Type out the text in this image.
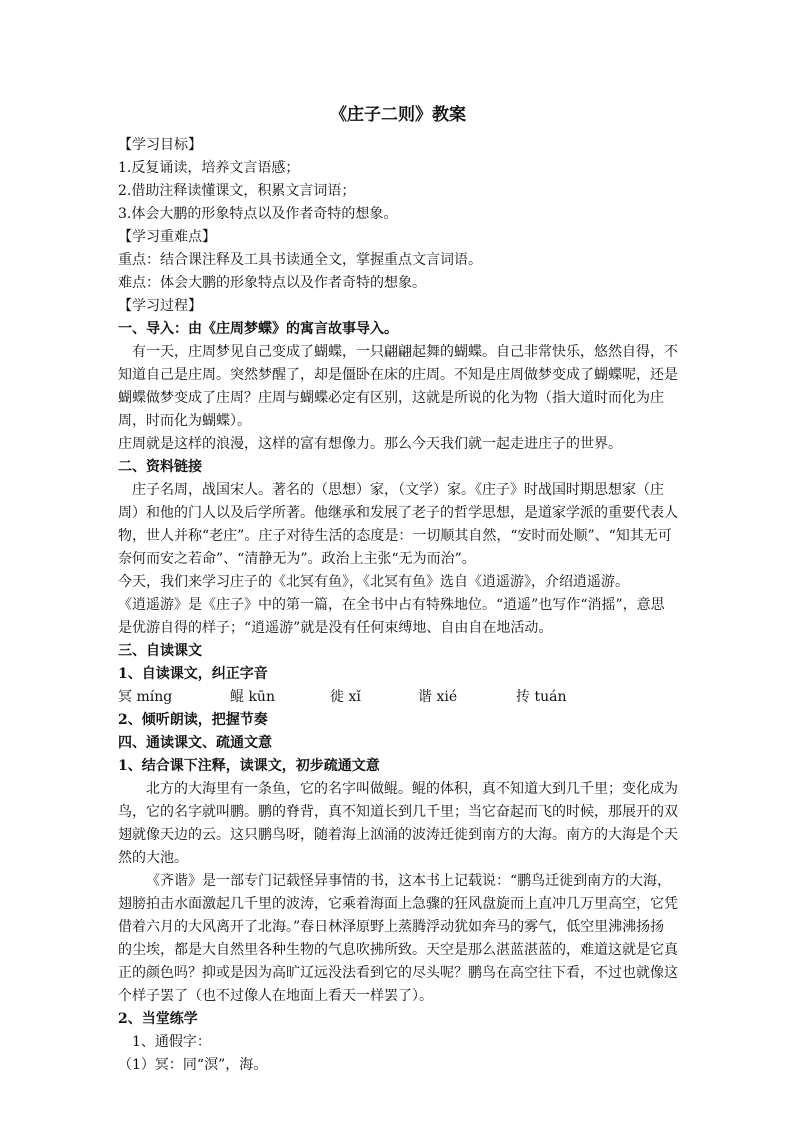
《庄子二则》教案

【学习目标】

1.反复诵读，培养文言语感；

2.借助注释读懂课文，积累文言词语；

3.体会大鹏的形象特点以及作者奇特的想象。

【学习重难点】

重点：结合课注释及工具书读通全文，掌握重点文言词语。

难点：体会大鹏的形象特点以及作者奇特的想象。

【学习过程】

一、导入：由《庄周梦蝶》的寓言故事导入。

有一天，庄周梦见自己变成了蝴蝶，一只翩翩起舞的蝴蝶。自己非常快乐，悠然自得，不知道自己是庄周。突然梦醒了，却是僵卧在床的庄周。不知是庄周做梦变成了蝴蝶呢，还是蝴蝶做梦变成了庄周？庄周与蝴蝶必定有区别，这就是所说的化为物（指大道时而化为庄周，时而化为蝴蝶）。

庄周就是这样的浪漫，这样的富有想像力。那么今天我们就一起走进庄子的世界。

二、资料链接

庄子名周，战国宋人。著名的（思想）家，（文学）家。《庄子》时战国时期思想家（庄周）和他的门人以及后学所著。他继承和发展了老子的哲学思想，是道家学派的重要代表人物，世人并称“老庄”。庄子对待生活的态度是：一切顺其自然，“安时而处顺”、“知其无可奈何而安之若命”、“清静无为”。政治上主张“无为而治”。

今天，我们来学习庄子的《北冥有鱼》，《北冥有鱼》选自《逍遥游》，介绍逍遥游。

《逍遥游》是《庄子》中的第一篇，在全书中占有特殊地位。“逍遥”也写作“消摇”，意思是优游自得的样子；“逍遥游”就是没有任何束缚地、自由自在地活动。

三、自读课文

1、自读课文，纠正字音

冥 míng	鲲 kūn	徙 xǐ	谐 xié	抟 tuán

2、倾听朗读，把握节奏

四、通读课文、疏通文意

1、结合课下注释，读课文，初步疏通文意

北方的大海里有一条鱼，它的名字叫做鲲。鲲的体积，真不知道大到几千里；变化成为鸟，它的名字就叫鹏。鹏的脊背，真不知道长到几千里；当它奋起而飞的时候，那展开的双翅就像天边的云。这只鹏鸟呀，随着海上汹涌的波涛迁徙到南方的大海。南方的大海是个天然的大池。

《齐谐》是一部专门记载怪异事情的书，这本书上记载说：“鹏鸟迁徙到南方的大海，翅膀拍击水面激起几千里的波涛，它乘着海面上急骤的狂风盘旋而上直冲几万里高空，它凭借着六月的大风离开了北海。”春日林泽原野上蒸腾浮动犹如奔马的雾气，低空里沸沸扬扬的尘埃，都是大自然里各种生物的气息吹拂所致。天空是那么湛蓝湛蓝的，难道这就是它真正的颜色吗？抑或是因为高旷辽远没法看到它的尽头呢？鹏鸟在高空往下看，不过也就像这个样子罢了（也不过像人在地面上看天一样罢了）。

2、当堂练学

1、通假字：

（1）冥：同“溟”，海。
